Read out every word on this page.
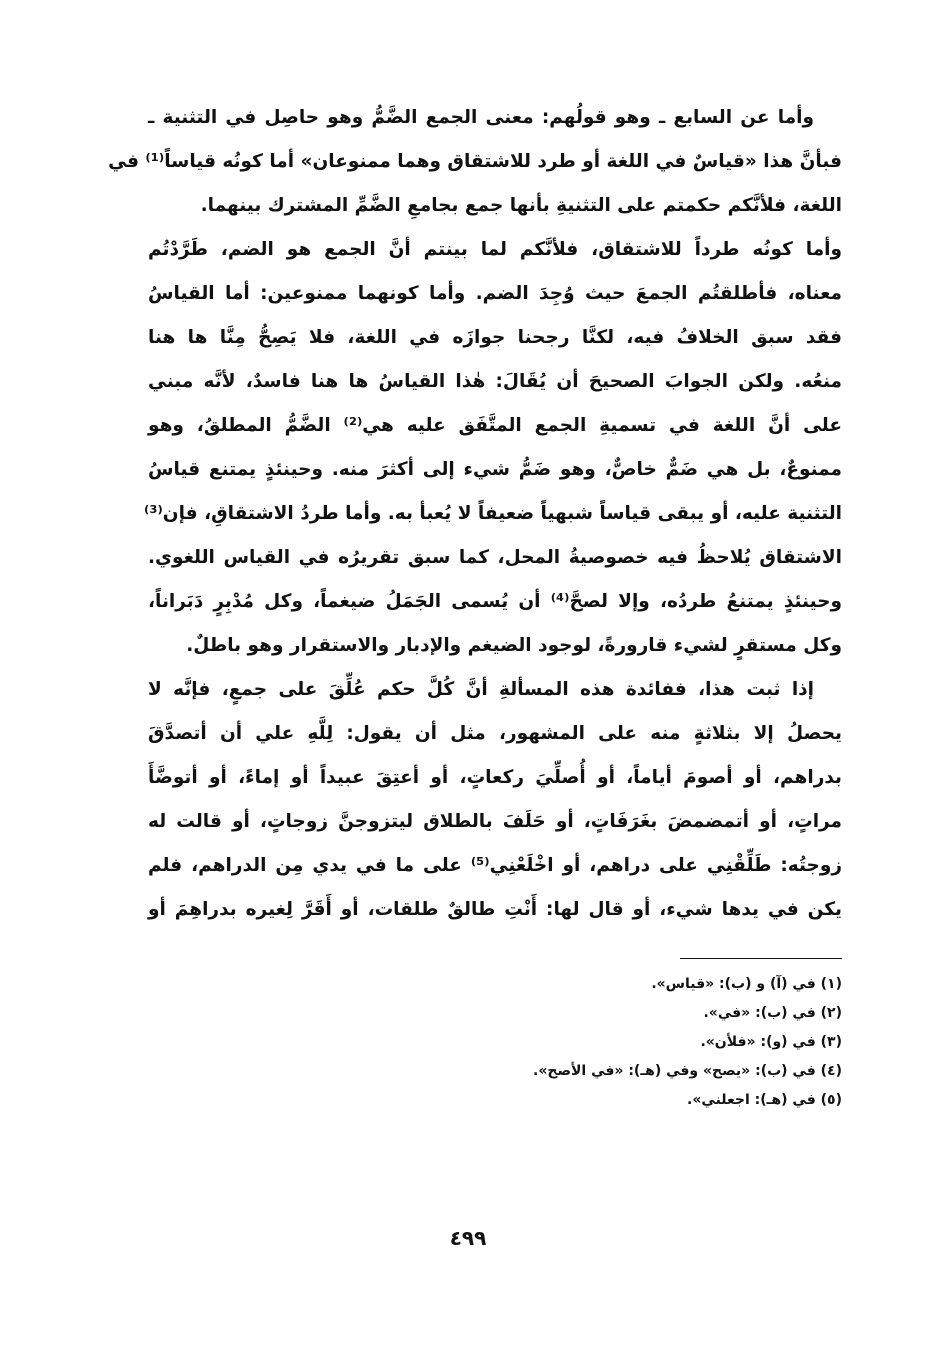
وأما عن السابع ـ وهو قولُهم: معنى الجمع الضَّمُّ وهو حاصِل في التثنية ـ
فبأنَّ هذا «قياسٌ في اللغة أو طرد للاشتقاق وهما ممنوعان» أما كونُه قياساً⁽¹⁾ في
اللغة، فلأنَّكم حكمتم على التثنيةِ بأنها جمع بجامعِ الضَّمِّ المشترك بينهما.
وأما كونُه طرداً للاشتقاق، فلأنَّكم لما بينتم أنَّ الجمع هو الضم، طَرَّدْتُم
معناه، فأطلقتُم الجمعَ حيث وُجِدَ الضم. وأما كونهما ممنوعين: أما القياسُ
فقد سبق الخلافُ فيه، لكنَّا رجحنا جوازَه في اللغة، فلا يَصِحُّ مِنَّا ها هنا
منعُه. ولكن الجوابَ الصحيحَ أن يُقَالَ: هٰذا القياسُ ها هنا فاسدٌ، لأنَّه مبني
على أنَّ اللغة في تسميةِ الجمع المتَّفَق عليه هي⁽²⁾ الضَّمُّ المطلقُ، وهو
ممنوعٌ، بل هي ضَمٌّ خاصٌّ، وهو ضَمُّ شيء إلى أكثرَ منه. وحينئذٍ يمتنع قياسُ
التثنية عليه، أو يبقى قياساً شبهياً ضعيفاً لا يُعبأ به. وأما طردُ الاشتقاقِ، فإن⁽³⁾
الاشتقاق يُلاحظُ فيه خصوصيةُ المحل، كما سبق تقريرُه في القياس اللغوي.
وحينئذٍ يمتنعُ طردُه، وإلا لصحَّ⁽⁴⁾ أن يُسمى الجَمَلُ ضيغماً، وكل مُدْبِرٍ دَبَراناً،
وكل مستقرٍ لشيء قارورةً، لوجود الضيغم والإدبار والاستقرار وهو باطلٌ.
إذا ثبت هذا، ففائدة هذه المسألةِ أنَّ كُلَّ حكم عُلِّقَ على جمعٍ، فإنَّه لا
يحصلُ إلا بثلاثةٍ منه على المشهور، مثل أن يقول: لِلَّهِ علي أن أتصدَّقَ
بدراهم، أو أصومَ أياماً، أو أُصلِّيَ ركعاتٍ، أو أعتِقَ عبيداً أو إماءً، أو أتوضَّأَ
مراتٍ، أو أتمضمضَ بغَرَفَاتٍ، أو حَلَفَ بالطلاق ليتزوجنَّ زوجاتٍ، أو قالت له
زوجتُه: طَلِّقْنِي على دراهم، أو اخْلَعْنِي⁽⁵⁾ على ما في يدي مِن الدراهم، فلم
يكن في يدها شيء، أو قال لها: أَنْتِ طالقٌ طلقات، أو أَقَرَّ لِغيره بدراهِمَ أو
(١) في (آ) و (ب): «قياس».
(٢) في (ب): «في».
(٣) في (و): «فلأن».
(٤) في (ب): «يصح» وفي (هـ): «في الأصح».
(٥) في (هـ): اجعلني».
٤٩٩
